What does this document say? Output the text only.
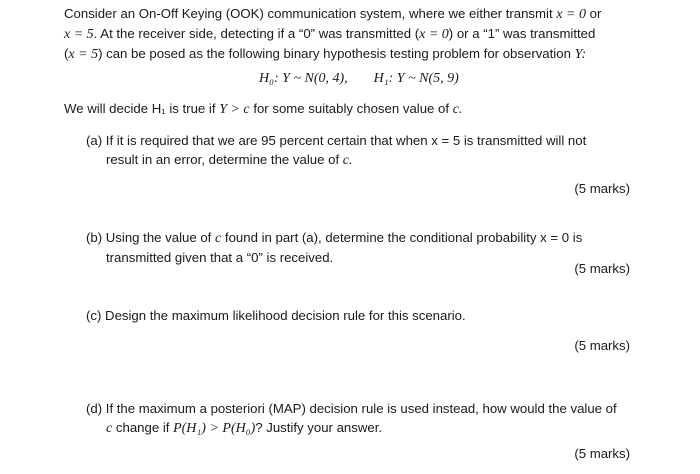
Consider an On-Off Keying (OOK) communication system, where we either transmit x = 0 or
x = 5. At the receiver side, detecting if a “0” was transmitted (x = 0) or a “1” was transmitted
(x = 5) can be posed as the following binary hypothesis testing problem for observation Y:
H₀: Y ~ N(0, 4), H₁: Y ~ N(5, 9)
We will decide H₁ is true if Y > c for some suitably chosen value of c.
(a) If it is required that we are 95 percent certain that when x = 5 is transmitted will not
result in an error, determine the value of c.
(5 marks)
(b) Using the value of c found in part (a), determine the conditional probability x = 0 is
transmitted given that a “0” is received.
(5 marks)
(c) Design the maximum likelihood decision rule for this scenario.
(5 marks)
(d) If the maximum a posteriori (MAP) decision rule is used instead, how would the value of
c change if P(H₁) > P(H₀)? Justify your answer.
(5 marks)
